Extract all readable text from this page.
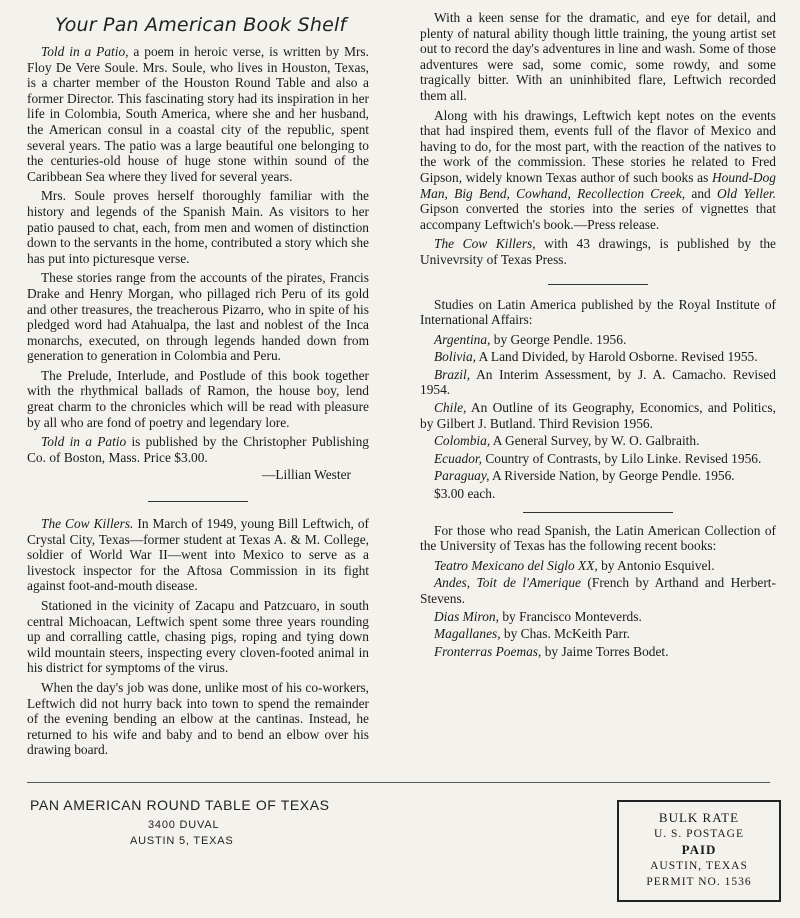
Your Pan American Book Shelf

Told in a Patio, a poem in heroic verse, is written by Mrs. Floy De Vere Soule. Mrs. Soule, who lives in Houston, Texas, is a charter member of the Houston Round Table and also a former Director. This fascinating story had its inspiration in her life in Colombia, South America, where she and her husband, the American consul in a coastal city of the republic, spent several years. The patio was a large beautiful one belonging to the centuries-old house of huge stone within sound of the Caribbean Sea where they lived for several years.

Mrs. Soule proves herself thoroughly familiar with the history and legends of the Spanish Main. As visitors to her patio paused to chat, each, from men and women of distinction down to the servants in the home, contributed a story which she has put into picturesque verse.

These stories range from the accounts of the pirates, Francis Drake and Henry Morgan, who pillaged rich Peru of its gold and other treasures, the treacherous Pizarro, who in spite of his pledged word had Atahualpa, the last and noblest of the Inca monarchs, executed, on through legends handed down from generation to generation in Colombia and Peru.

The Prelude, Interlude, and Postlude of this book together with the rhythmical ballads of Ramon, the house boy, lend great charm to the chronicles which will be read with pleasure by all who are fond of poetry and legendary lore.

Told in a Patio is published by the Christopher Publishing Co. of Boston, Mass. Price $3.00.

—Lillian Wester

The Cow Killers. In March of 1949, young Bill Leftwich, of Crystal City, Texas—former student at Texas A. & M. College, soldier of World War II—went into Mexico to serve as a livestock inspector for the Aftosa Commission in its fight against foot-and-mouth disease.

Stationed in the vicinity of Zacapu and Patzcuaro, in south central Michoacan, Leftwich spent some three years rounding up and corralling cattle, chasing pigs, roping and tying down wild mountain steers, inspecting every cloven-footed animal in his district for symptoms of the virus.

When the day's job was done, unlike most of his co-workers, Leftwich did not hurry back into town to spend the remainder of the evening bending an elbow at the cantinas. Instead, he returned to his wife and baby and to bend an elbow over his drawing board.

With a keen sense for the dramatic, and eye for detail, and plenty of natural ability though little training, the young artist set out to record the day's adventures in line and wash. Some of those adventures were sad, some comic, some rowdy, and some tragically bitter. With an uninhibited flare, Leftwich recorded them all.

Along with his drawings, Leftwich kept notes on the events that had inspired them, events full of the flavor of Mexico and having to do, for the most part, with the reaction of the natives to the work of the commission. These stories he related to Fred Gipson, widely known Texas author of such books as Hound-Dog Man, Big Bend, Cowhand, Recollection Creek, and Old Yeller. Gipson converted the stories into the series of vignettes that accompany Leftwich's book.—Press release.

The Cow Killers, with 43 drawings, is published by the Univevrsity of Texas Press.

Studies on Latin America published by the Royal Institute of International Affairs:

Argentina, by George Pendle. 1956.

Bolivia, A Land Divided, by Harold Osborne. Revised 1955.

Brazil, An Interim Assessment, by J. A. Camacho. Revised 1954.

Chile, An Outline of its Geography, Economics, and Politics, by Gilbert J. Butland. Third Revision 1956.

Colombia, A General Survey, by W. O. Galbraith.

Ecuador, Country of Contrasts, by Lilo Linke. Revised 1956.

Paraguay, A Riverside Nation, by George Pendle. 1956.

$3.00 each.

For those who read Spanish, the Latin American Collection of the University of Texas has the following recent books:

Teatro Mexicano del Siglo XX, by Antonio Esquivel.

Andes, Toit de l'Amerique (French by Arthand and Herbert-Stevens.

Dias Miron, by Francisco Monteverds.

Magallanes, by Chas. McKeith Parr.

Fronterras Poemas, by Jaime Torres Bodet.

PAN AMERICAN ROUND TABLE OF TEXAS
3400 DUVAL
AUSTIN 5, TEXAS
BULK RATE
U. S. POSTAGE
PAID
AUSTIN, TEXAS
PERMIT NO. 1536
